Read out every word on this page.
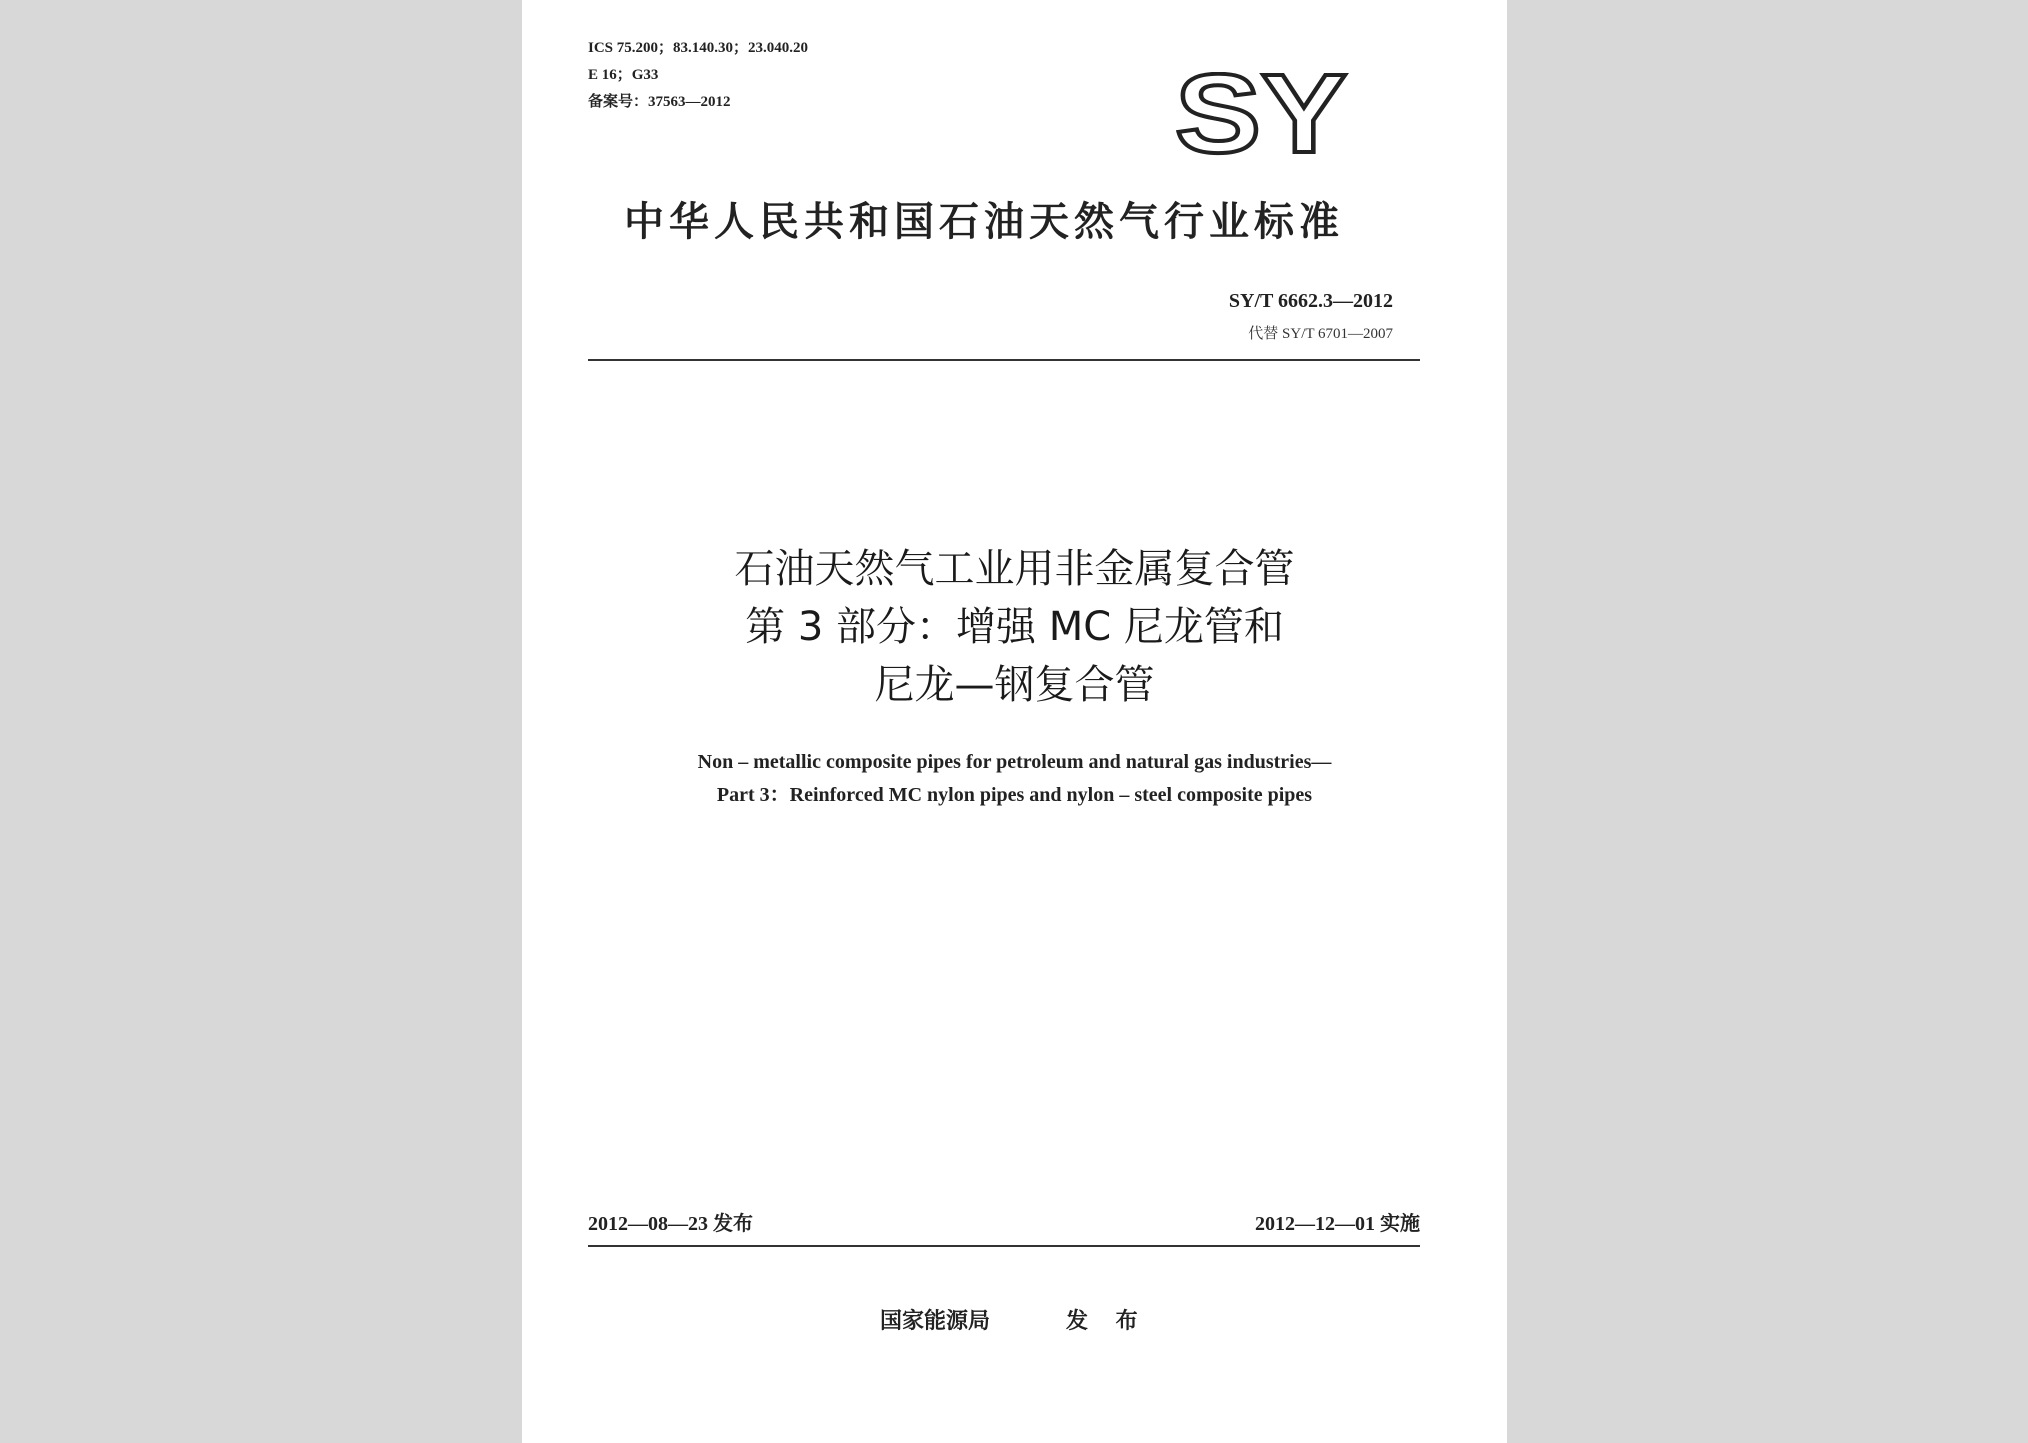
ICS 75.200；83.140.30；23.040.20
E 16；G33
备案号：37563—2012	SY
中华人民共和国石油天然气行业标准
SY/T 6662.3—2012
代替 SY/T 6701—2007
石油天然气工业用非金属复合管
第 3 部分：增强 MC 尼龙管和
尼龙—钢复合管
Non – metallic composite pipes for petroleum and natural gas industries—
Part 3：Reinforced MC nylon pipes and nylon – steel composite pipes
2012—08—23 发布	2012—12—01 实施
国家能源局	发 布
